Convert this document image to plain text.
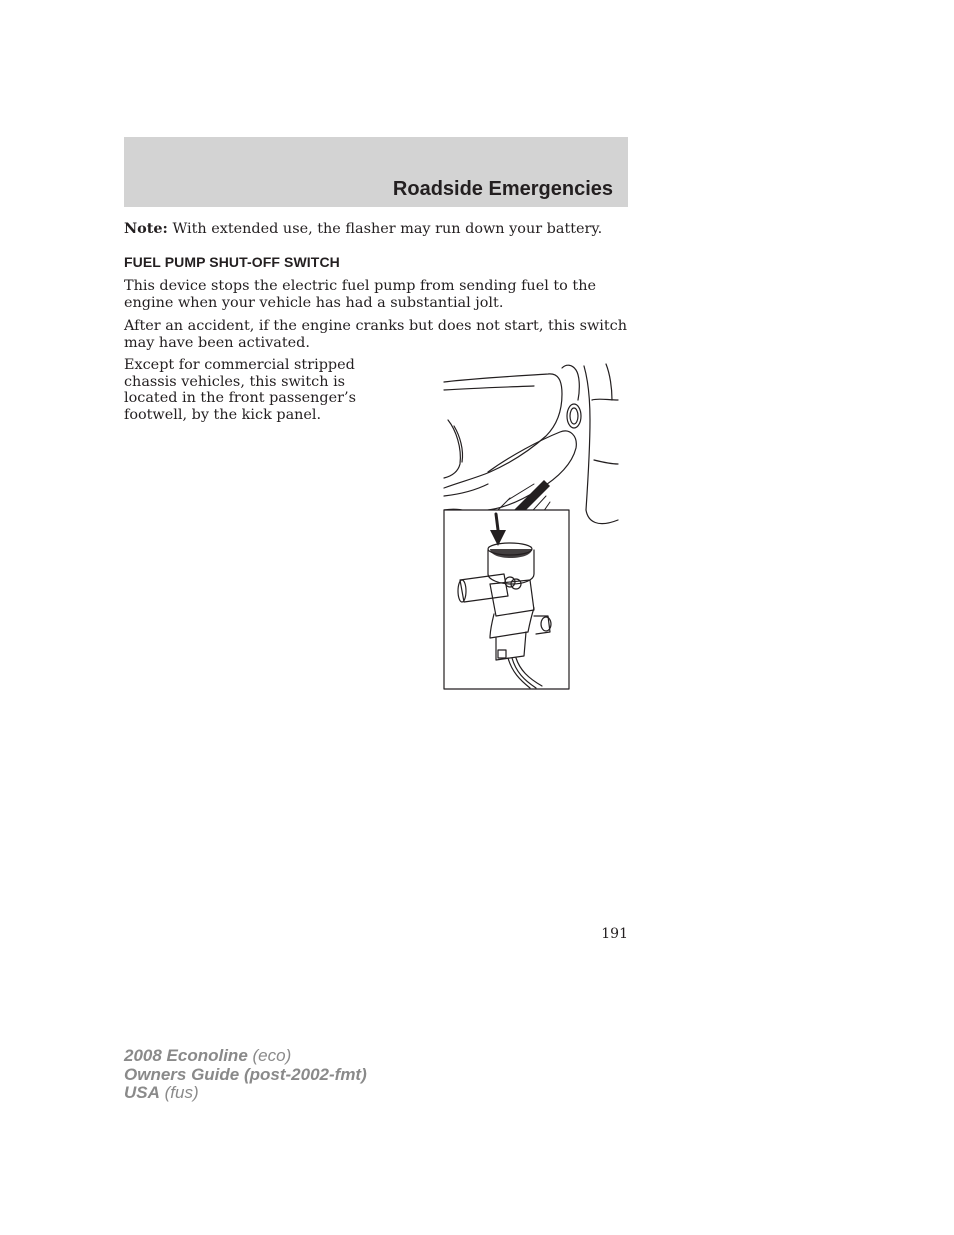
Roadside Emergencies
Note: With extended use, the flasher may run down your battery.
FUEL PUMP SHUT-OFF SWITCH
This device stops the electric fuel pump from sending fuel to the engine when your vehicle has had a substantial jolt.
After an accident, if the engine cranks but does not start, this switch may have been activated.
Except for commercial stripped chassis vehicles, this switch is located in the front passenger’s footwell, by the kick panel.
191
2008 Econoline (eco)
Owners Guide (post-2002-fmt)
USA (fus)
